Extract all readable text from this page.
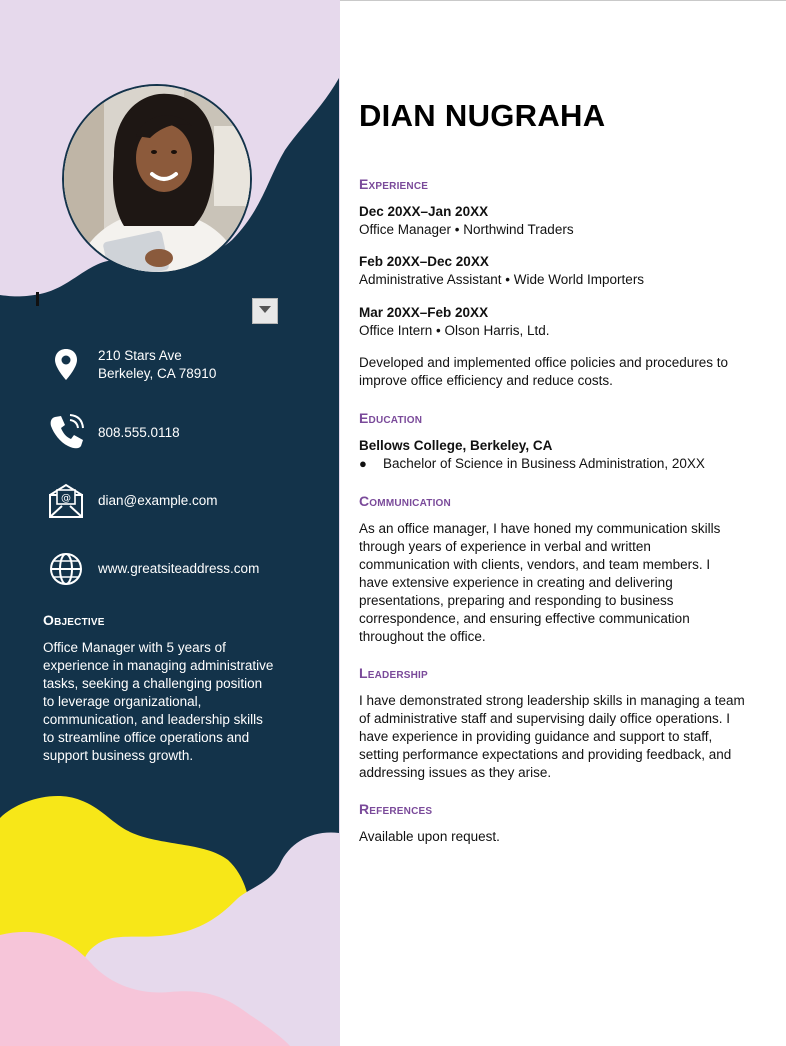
210 Stars Ave
Berkeley, CA 78910
808.555.0118
@ dian@example.com
www.greatsiteaddress.com
Objective
Office Manager with 5 years of
experience in managing administrative
tasks, seeking a challenging position
to leverage organizational,
communication, and leadership skills
to streamline office operations and
support business growth.
DIAN NUGRAHA
Experience
Dec 20XX–Jan 20XX
Office Manager • Northwind Traders
Feb 20XX–Dec 20XX
Administrative Assistant • Wide World Importers
Mar 20XX–Feb 20XX
Office Intern • Olson Harris, Ltd.
Developed and implemented office policies and procedures to
improve office efficiency and reduce costs.
Education
Bellows College, Berkeley, CA
● Bachelor of Science in Business Administration, 20XX
Communication
As an office manager, I have honed my communication skills
through years of experience in verbal and written
communication with clients, vendors, and team members. I
have extensive experience in creating and delivering
presentations, preparing and responding to business
correspondence, and ensuring effective communication
throughout the office.
Leadership
I have demonstrated strong leadership skills in managing a team
of administrative staff and supervising daily office operations. I
have experience in providing guidance and support to staff,
setting performance expectations and providing feedback, and
addressing issues as they arise.
References
Available upon request.
